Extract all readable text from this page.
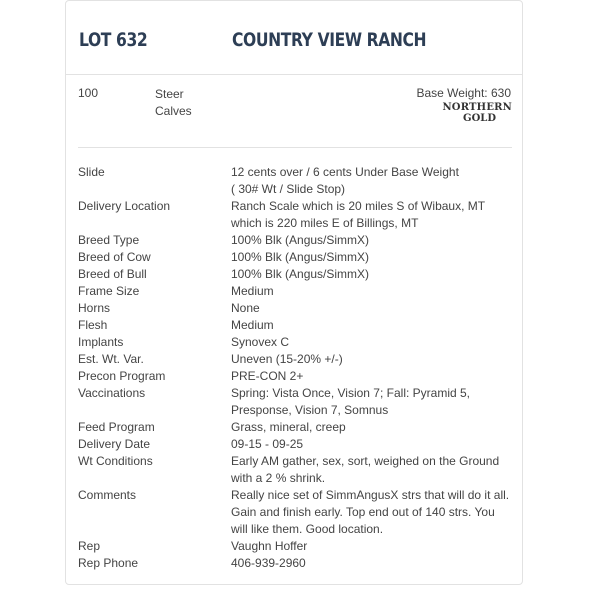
LOT 632	COUNTRY VIEW RANCH
100	Steer
Calves
Base Weight: 630
NORTHERN
GOLD
Slide	12 cents over / 6 cents Under Base Weight
( 30# Wt / Slide Stop)
Delivery Location	Ranch Scale which is 20 miles S of Wibaux, MT
which is 220 miles E of Billings, MT
Breed Type	100% Blk (Angus/SimmX)
Breed of Cow	100% Blk (Angus/SimmX)
Breed of Bull	100% Blk (Angus/SimmX)
Frame Size	Medium
Horns	None
Flesh	Medium
Implants	Synovex C
Est. Wt. Var.	Uneven (15-20% +/-)
Precon Program	PRE-CON 2+
Vaccinations	Spring: Vista Once, Vision 7; Fall: Pyramid 5,
Presponse, Vision 7, Somnus
Feed Program	Grass, mineral, creep
Delivery Date	09-15 - 09-25
Wt Conditions	Early AM gather, sex, sort, weighed on the Ground
with a 2 % shrink.
Comments	Really nice set of SimmAngusX strs that will do it all.
Gain and finish early. Top end out of 140 strs. You
will like them. Good location.
Rep	Vaughn Hoffer
Rep Phone	406-939-2960
